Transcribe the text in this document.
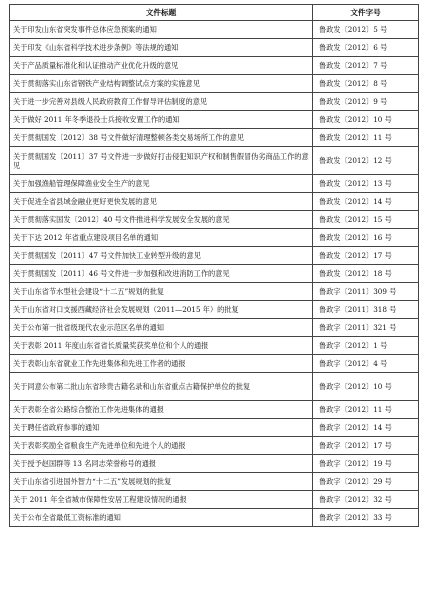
文件标题	文件字号
关于印发山东省突发事件总体应急预案的通知	鲁政发〔2012〕5 号
关于印发《山东省科学技术进步条例》等法规的通知	鲁政发〔2012〕6 号
关于产品质量标准化和认证推动产业优化升级的意见	鲁政发〔2012〕7 号
关于贯彻落实山东省钢铁产业结构调整试点方案的实施意见	鲁政发〔2012〕8 号
关于进一步完善对县级人民政府教育工作督导评估制度的意见	鲁政发〔2012〕9 号
关于做好 2011 年冬季退役士兵接收安置工作的通知	鲁政发〔2012〕10 号
关于贯彻国发〔2012〕38 号文件做好清理整顿各类交易场所工作的意见	鲁政发〔2012〕11 号
关于贯彻国发〔2011〕37 号文件进一步做好打击侵犯知识产权和制售假冒伪劣商品工作的意见	鲁政发〔2012〕12 号
关于加强渔船管理保障渔业安全生产的意见	鲁政发〔2012〕13 号
关于促进全省县域金融业更好更快发展的意见	鲁政发〔2012〕14 号
关于贯彻落实国发〔2012〕40 号文件推进科学发展安全发展的意见	鲁政发〔2012〕15 号
关于下达 2012 年省重点建设项目名单的通知	鲁政发〔2012〕16 号
关于贯彻国发〔2011〕47 号文件加快工业转型升级的意见	鲁政发〔2012〕17 号
关于贯彻国发〔2011〕46 号文件进一步加强和改进消防工作的意见	鲁政发〔2012〕18 号
关于山东省节水型社会建设“十二五”规划的批复	鲁政字〔2011〕309 号
关于山东省对口支援西藏经济社会发展规划（2011—2015 年）的批复	鲁政字〔2011〕318 号
关于公布第一批省级现代农业示范区名单的通知	鲁政字〔2011〕321 号
关于表彰 2011 年度山东省省长质量奖获奖单位和个人的通报	鲁政字〔2012〕1 号
关于表彰山东省就业工作先进集体和先进工作者的通报	鲁政字〔2012〕4 号
关于同意公布第二批山东省珍贵古籍名录和山东省重点古籍保护单位的批复	鲁政字〔2012〕10 号
关于表彰全省公路综合整治工作先进集体的通报	鲁政字〔2012〕11 号
关于聘任省政府参事的通知	鲁政字〔2012〕14 号
关于表彰奖励全省粮食生产先进单位和先进个人的通报	鲁政字〔2012〕17 号
关于授予赵国群等 13 名同志荣誉称号的通报	鲁政字〔2012〕19 号
关于山东省引进国外智力“十二五”发展规划的批复	鲁政字〔2012〕29 号
关于 2011 年全省城市保障性安居工程建设情况的通报	鲁政字〔2012〕32 号
关于公布全省最低工资标准的通知	鲁政字〔2012〕33 号
